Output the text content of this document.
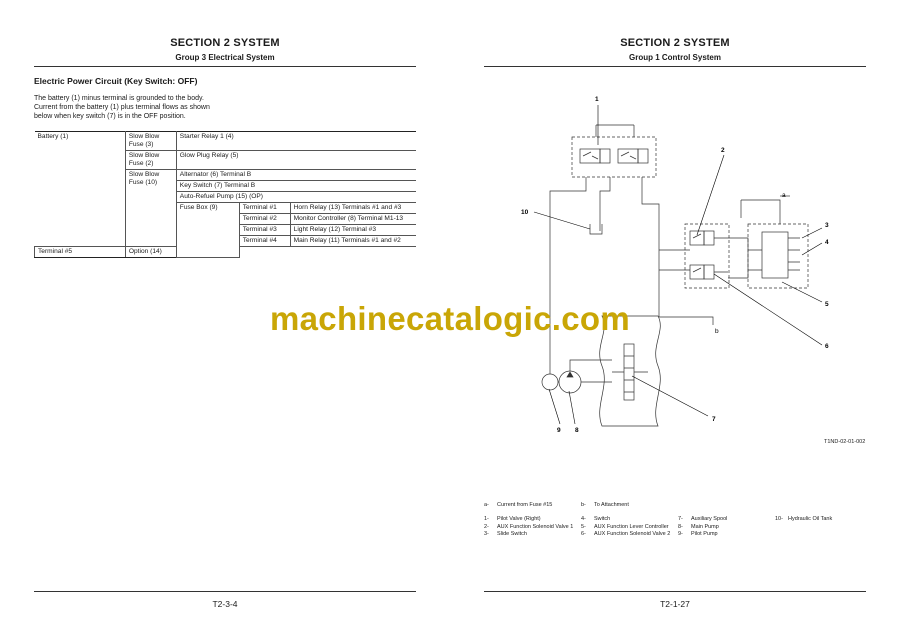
SECTION 2 SYSTEM
Group 3 Electrical System
Electric Power Circuit (Key Switch: OFF)
The battery (1) minus terminal is grounded to the body.
Current from the battery (1) plus terminal flows as shown
below when key switch (7) is in the OFF position.
Battery (1)	Slow Blow Fuse (3)	Starter Relay 1 (4)		
	Slow Blow Fuse (2)	Glow Plug Relay (5)		
	Slow Blow Fuse (10)	Alternator (6) Terminal B		
		Key Switch (7) Terminal B		
		Auto-Refuel Pump (15) (OP)		
		Fuse Box (9)	Terminal #1	Horn Relay (13) Terminals #1 and #3
			Terminal #2	Monitor Controller (8) Terminal M1-13
			Terminal #3	Light Relay (12) Terminal #3
			Terminal #4	Main Relay (11) Terminals #1 and #2
Terminal #5	Option (14)			
T2-3-4
SECTION 2 SYSTEM
Group 1 Control System
T2-1-27
1
2
3
4
5
6
7
8
9
10
a
b
T1ND-02-01-002
a- Current from Fuse #15	b- To Attachment
1- Pilot Valve (Right)
2- AUX Function Solenoid Valve 1
3- Slide Switch
4- Switch
5- AUX Function Lever Controller
6- AUX Function Solenoid Valve 2
7- Auxiliary Spool
8- Main Pump
9- Pilot Pump
10- Hydraulic Oil Tank
machinecatalogic.com
